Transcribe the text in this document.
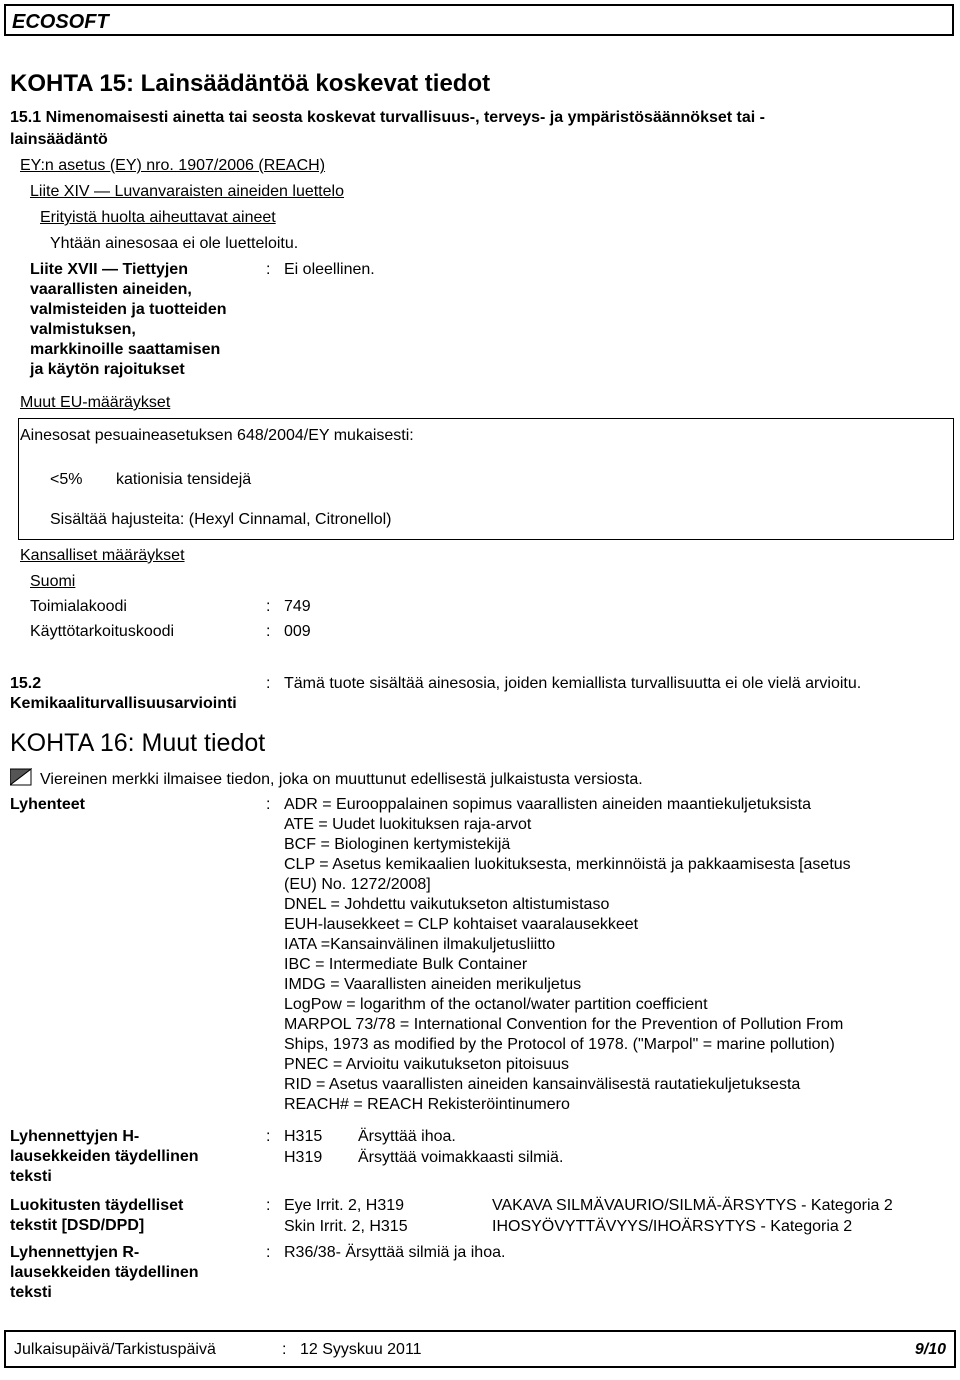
ECOSOFT
KOHTA 15: Lainsäädäntöä koskevat tiedot
15.1 Nimenomaisesti ainetta tai seosta koskevat turvallisuus-, terveys- ja ympäristösäännökset tai -
lainsäädäntö
EY:n asetus (EY) nro. 1907/2006 (REACH)
Liite XIV — Luvanvaraisten aineiden luettelo
Erityistä huolta aiheuttavat aineet
Yhtään ainesosaa ei ole luetteloitu.
Liite XVII — Tiettyjen
vaarallisten aineiden,
valmisteiden ja tuotteiden
valmistuksen,
markkinoille saattamisen
ja käytön rajoitukset
: Ei oleellinen.
Muut EU-määräykset
Ainesosat pesuaineasetuksen 648/2004/EY mukaisesti:
<5% kationisia tensidejä
Sisältää hajusteita: (Hexyl Cinnamal, Citronellol)
Kansalliset määräykset
Suomi
Toimialakoodi	: 749
Käyttötarkoituskoodi	: 009
15.2
Kemikaaliturvallisuusarviointi
: Tämä tuote sisältää ainesosia, joiden kemiallista turvallisuutta ei ole vielä arvioitu.
KOHTA 16: Muut tiedot
Viereinen merkki ilmaisee tiedon, joka on muuttunut edellisestä julkaistusta versiosta.
Lyhenteet	: ADR = Eurooppalainen sopimus vaarallisten aineiden maantiekuljetuksista
ATE = Uudet luokituksen raja-arvot
BCF = Biologinen kertymistekijä
CLP = Asetus kemikaalien luokituksesta, merkinnöistä ja pakkaamisesta [asetus
(EU) No. 1272/2008]
DNEL = Johdettu vaikutukseton altistumistaso
EUH-lausekkeet = CLP kohtaiset vaaralausekkeet
IATA =Kansainvälinen ilmakuljetusliitto
IBC = Intermediate Bulk Container
IMDG = Vaarallisten aineiden merikuljetus
LogPow = logarithm of the octanol/water partition coefficient
MARPOL 73/78 = International Convention for the Prevention of Pollution From
Ships, 1973 as modified by the Protocol of 1978. ("Marpol" = marine pollution)
PNEC = Arvioitu vaikutukseton pitoisuus
RID = Asetus vaarallisten aineiden kansainvälisestä rautatiekuljetuksesta
REACH# = REACH Rekisteröintinumero
Lyhennettyjen H-
lausekkeiden täydellinen
teksti
: H315 Ärsyttää ihoa.
H319 Ärsyttää voimakkaasti silmiä.
Luokitusten täydelliset
tekstit [DSD/DPD]
: Eye Irrit. 2, H319	VAKAVA SILMÄVAURIO/SILMÄ-ÄRSYTYS - Kategoria 2
Skin Irrit. 2, H315	IHOSYÖVYTTÄVYYS/IHOÄRSYTYS - Kategoria 2
Lyhennettyjen R-
lausekkeiden täydellinen
teksti
: R36/38- Ärsyttää silmiä ja ihoa.
Julkaisupäivä/Tarkistuspäivä	: 12 Syyskuu 2011	9/10
